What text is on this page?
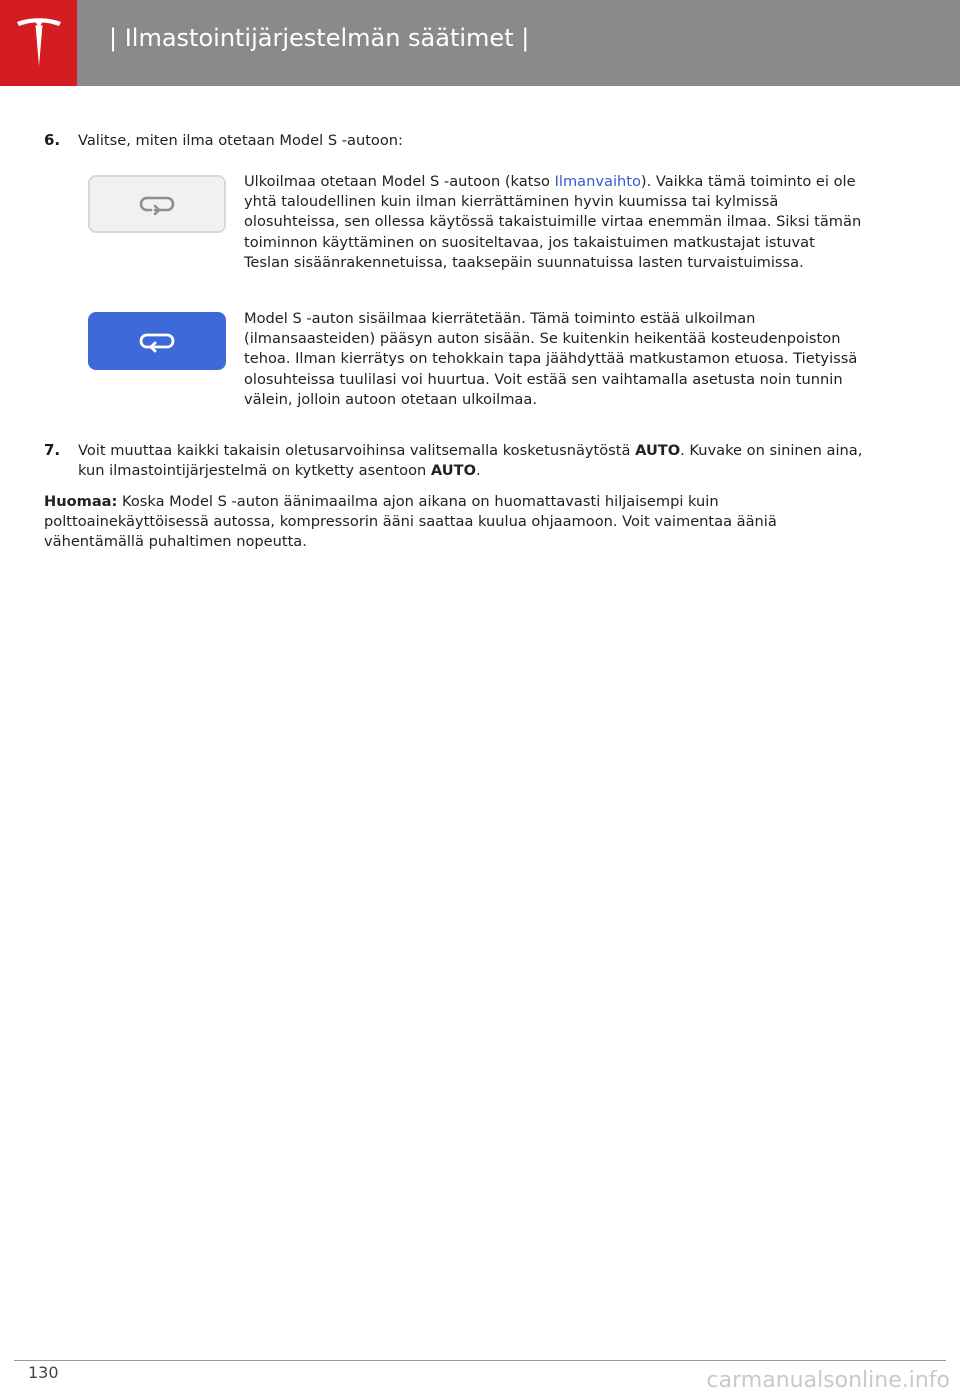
| Ilmastointijärjestelmän säätimet |
6. Valitse, miten ilma otetaan Model S -autoon:
Ulkoilmaa otetaan Model S -autoon (katso Ilmanvaihto). Vaikka tämä toiminto ei ole yhtä taloudellinen kuin ilman kierrättäminen hyvin kuumissa tai kylmissä olosuhteissa, sen ollessa käytössä takaistuimille virtaa enemmän ilmaa. Siksi tämän toiminnon käyttäminen on suositeltavaa, jos takaistuimen matkustajat istuvat Teslan sisäänrakennetuissa, taaksepäin suunnatuissa lasten turvaistuimissa.
Model S -auton sisäilmaa kierrätetään. Tämä toiminto estää ulkoilman (ilmansaasteiden) pääsyn auton sisään. Se kuitenkin heikentää kosteudenpoiston tehoa. Ilman kierrätys on tehokkain tapa jäähdyttää matkustamon etuosa. Tietyissä olosuhteissa tuulilasi voi huurtua. Voit estää sen vaihtamalla asetusta noin tunnin välein, jolloin autoon otetaan ulkoilmaa.
7. Voit muuttaa kaikki takaisin oletusarvoihinsa valitsemalla kosketusnäytöstä AUTO. Kuvake on sininen aina, kun ilmastointijärjestelmä on kytketty asentoon AUTO.
Huomaa: Koska Model S -auton äänimaailma ajon aikana on huomattavasti hiljaisempi kuin polttoainekäyttöisessä autossa, kompressorin ääni saattaa kuulua ohjaamoon. Voit vaimentaa ääniä vähentämällä puhaltimen nopeutta.
130	carmanualsonline.info
